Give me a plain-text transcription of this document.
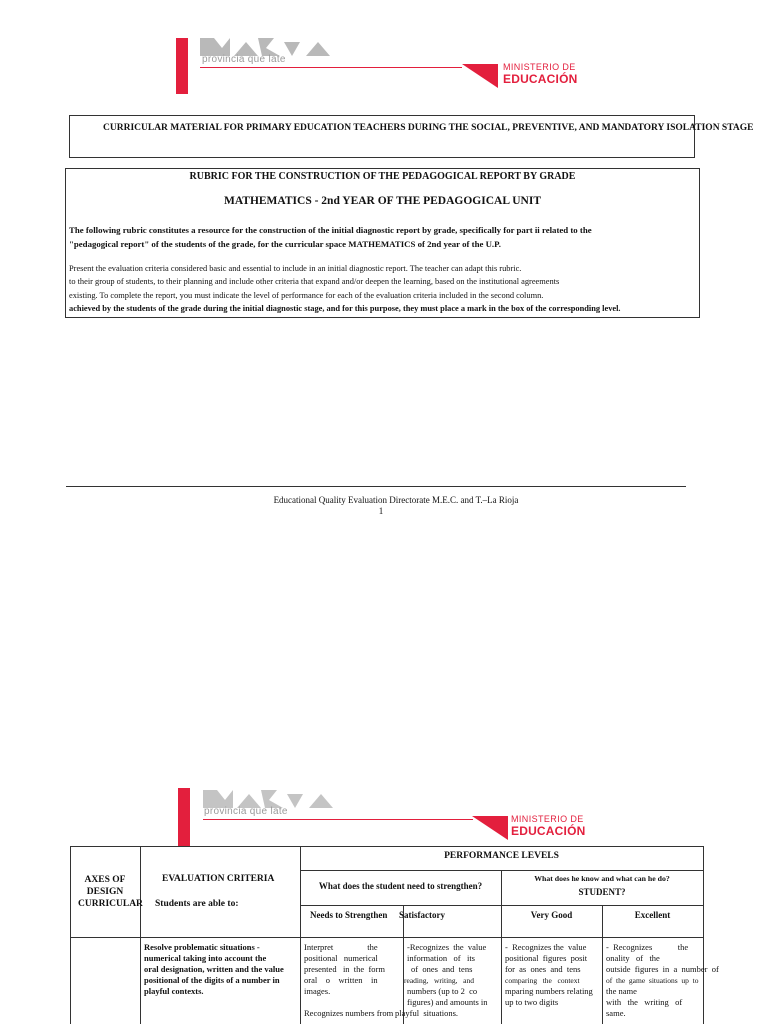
provincia que late
MINISTERIO DE
EDUCACIÓN
CURRICULAR MATERIAL FOR PRIMARY EDUCATION TEACHERS DURING THE SOCIAL, PREVENTIVE, AND MANDATORY ISOLATION STAGE
RUBRIC FOR THE CONSTRUCTION OF THE PEDAGOGICAL REPORT BY GRADE
MATHEMATICS - 2nd YEAR OF THE PEDAGOGICAL UNIT
The following rubric constitutes a resource for the construction of the initial diagnostic report by grade, specifically for part ii related to the
"pedagogical report" of the students of the grade, for the curricular space MATHEMATICS of 2nd year of the U.P.
Present the evaluation criteria considered basic and essential to include in an initial diagnostic report. The teacher can adapt this rubric.
to their group of students, to their planning and include other criteria that expand and/or deepen the learning, based on the institutional agreements
existing. To complete the report, you must indicate the level of performance for each of the evaluation criteria included in the second column.
achieved by the students of the grade during the initial diagnostic stage, and for this purpose, they must place a mark in the box of the corresponding level.
Educational Quality Evaluation Directorate M.E.C. and T.–La Rioja
1
provincia que late
MINISTERIO DE
EDUCACIÓN
AXES OF
DESIGN
CURRICULAR
EVALUATION CRITERIA
Students are able to:
PERFORMANCE LEVELS
What does the student need to strengthen?
What does he know and what can he do?
STUDENT?
Needs to Strengthen Satisfactory	Very Good	Excellent
Resolve problematic situations -
numerical taking into account the
oral designation, written and the value
positional of the digits of a number in
playful contexts.
Interpret                the
positional   numerical
presented   in  the  form
oral    o    written    in
images.
Recognizes numbers from
-Recognizes  the  value
information   of   its
of  ones  and  tens
reading,   writing,   and
numbers (up to 2  co
figures) and amounts in
playful  situations.
-  Recognizes the  value
positional  figures  posit
for  as  ones  and  tens
comparing   the   context
mparing numbers relating
up to two digits
-  Recognizes            the
onality   of   the
outside  figures  in  a  number  of
of  the  game  situations  up  to
the name
with   the   writing   of
same.
